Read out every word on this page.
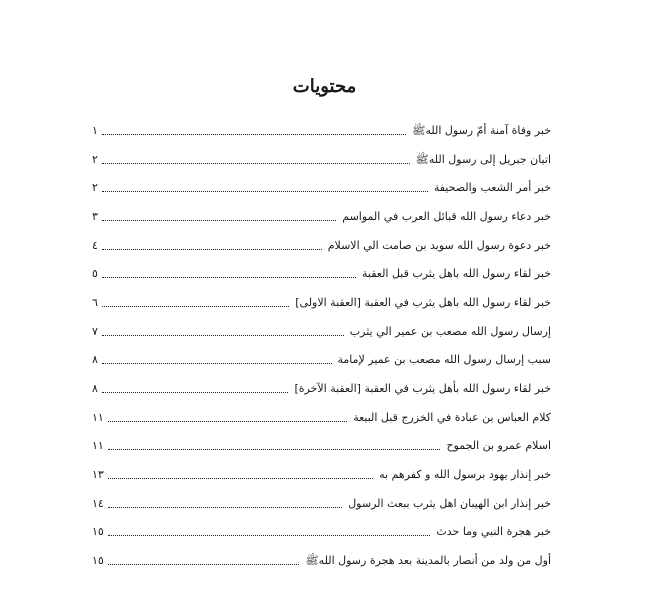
محتویات
خبر وفاة آمنة أمّ رسول اللهﷺ
١
اتيان جبريل إلى رسول اللهﷺ
٢
خبر أمر الشعب والصحيفة
٢
خبر دعاء رسول الله قبائل العرب في المواسم
٣
خبر دعوة رسول الله سويد بن صامت الي الاسلام
٤
خبر لقاء رسول الله باهل يثرب قبل العقبة
٥
خبر لقاء رسول الله باهل يثرب في العقبة [العقبة الاولى]
٦
إرسال رسول الله مصعب بن عمير الي يثرب
٧
سبب إرسال رسول الله مصعب بن عمير لإمامة
٨
خبر لقاء رسول الله بأهل يثرب في العقبة [العقبة الآخرة]
٨
كلام العباس بن عبادة في الخزرج قبل البيعة
١١
اسلام عمرو بن الجموح
١١
خبر إنذار يهود برسول الله و كفرهم به
١٣
خبر إنذار ابن الهيبان اهل يثرب ببعث الرسول
١٤
خبر هجرة النبي وما حدث
١٥
أول من ولد من أنصار بالمدينة بعد هجرة رسول اللهﷺ
١٥
